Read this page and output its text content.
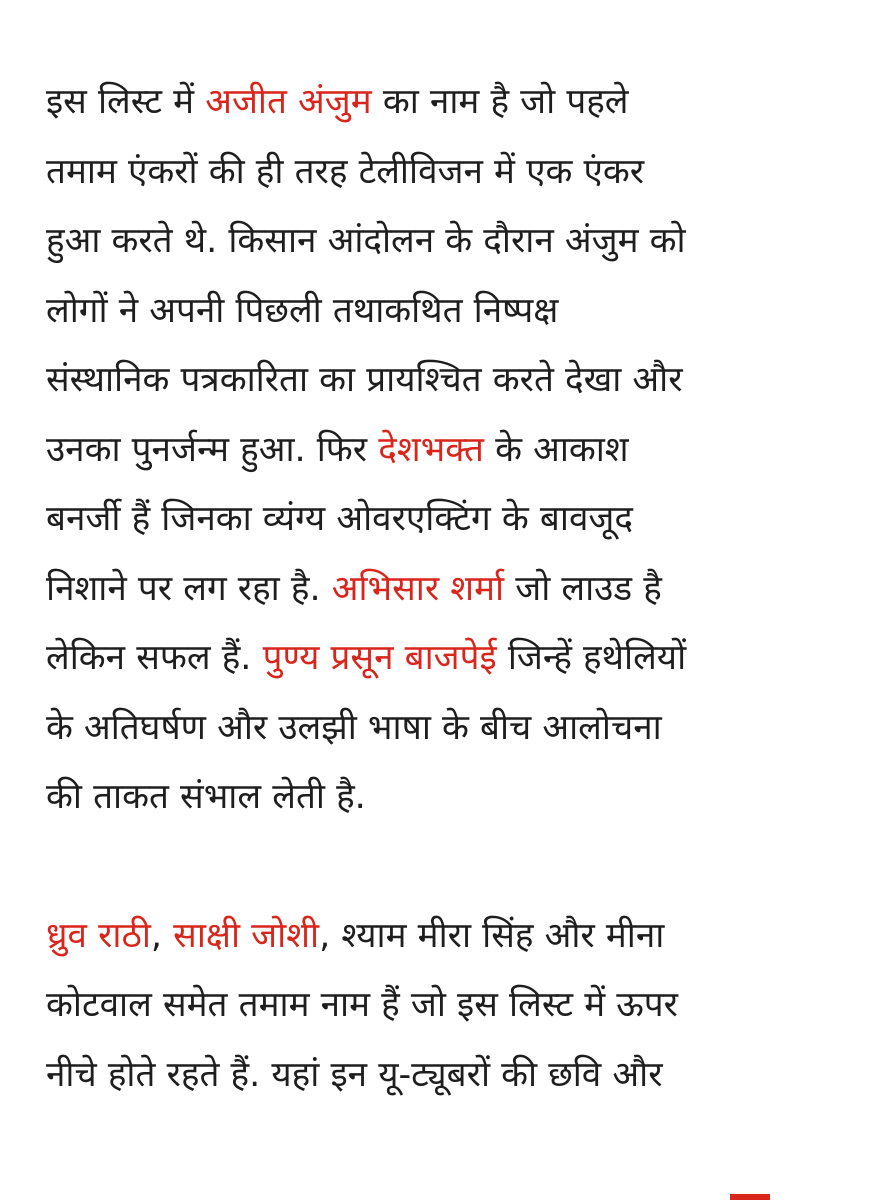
इस लिस्ट में अजीत अंजुम का नाम है जो पहले
तमाम एंकरों की ही तरह टेलीविजन में एक एंकर
हुआ करते थे. किसान आंदोलन के दौरान अंजुम को
लोगों ने अपनी पिछली तथाकथित निष्पक्ष
संस्थानिक पत्रकारिता का प्रायश्चित करते देखा और
उनका पुनर्जन्म हुआ. फिर देशभक्त के आकाश
बनर्जी हैं जिनका व्यंग्य ओवरएक्टिंग के बावजूद
निशाने पर लग रहा है. अभिसार शर्मा जो लाउड है
लेकिन सफल हैं. पुण्य प्रसून बाजपेई जिन्हें हथेलियों
के अतिघर्षण और उलझी भाषा के बीच आलोचना
की ताकत संभाल लेती है.

ध्रुव राठी, साक्षी जोशी, श्याम मीरा सिंह और मीना
कोटवाल समेत तमाम नाम हैं जो इस लिस्ट में ऊपर
नीचे होते रहते हैं. यहां इन यू-ट्यूबरों की छवि और
